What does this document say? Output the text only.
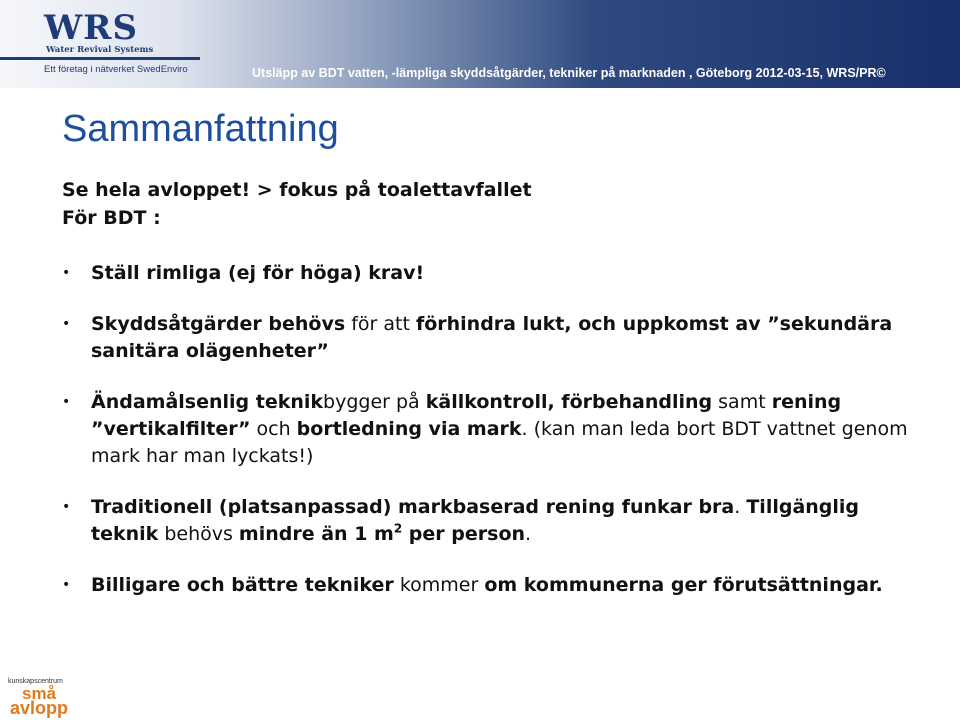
WRS
Water Revival Systems
Ett företag i nätverket SwedEnviro	Utsläpp av BDT vatten, -lämpliga skyddsåtgärder, tekniker på marknaden , Göteborg 2012-03-15, WRS/PR©
20110409 WRS/PR
Sammanfattning
Se hela avloppet! > fokus på toalettavfallet
För BDT :
• Ställ rimliga (ej för höga) krav!
• Skyddsåtgärder behövs för att förhindra lukt, och uppkomst av ”sekundära sanitära olägenheter”
• Ändamålsenlig teknikbygger på källkontroll, förbehandling samt rening ”vertikalfilter” och bortledning via mark. (kan man leda bort BDT vattnet genom mark har man lyckats!)
• Traditionell (platsanpassad) markbaserad rening funkar bra. Tillgänglig teknik behövs mindre än 1 $m^2$ per person.
• Billigare och bättre tekniker kommer om kommunerna ger förutsättningar.
kunskapscentrum
små
avlopp
